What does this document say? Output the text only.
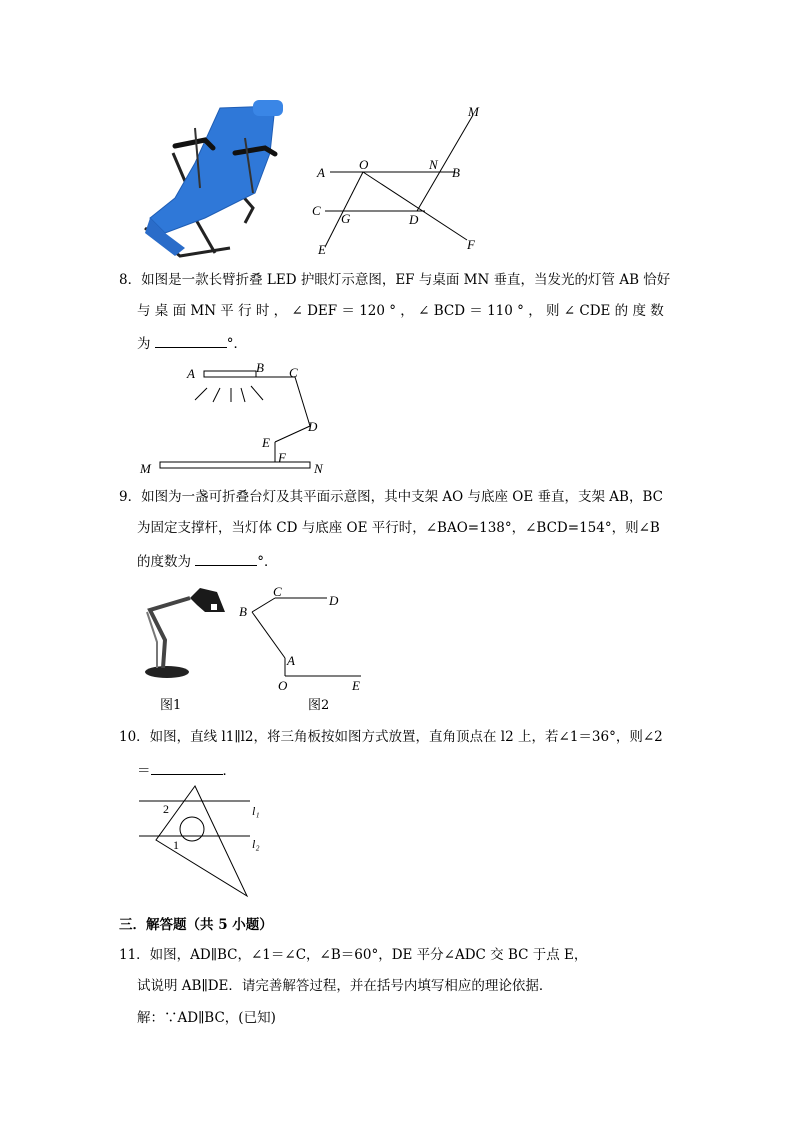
A
O	N
B
M
C
G	D
E	F
8．如图是一款长臂折叠 LED 护眼灯示意图，EF 与桌面 MN 垂直，当发光的灯管 AB 恰好
与 桌 面 MN 平 行 时 ， ∠ DEF ＝ 120 ° ， ∠ BCD ＝ 110 ° ， 则 ∠ CDE 的 度 数
为	°．
A	B C
D
E
F
M	N
9．如图为一盏可折叠台灯及其平面示意图，其中支架 AO 与底座 OE 垂直，支架 AB，BC
为固定支撑杆，当灯体 CD 与底座 OE 平行时，∠BAO=138°，∠BCD=154°，则∠B
的度数为	°．
B
C
D
A
O	E
图1	图2
10．如图，直线 l1∥l2，将三角板按如图方式放置，直角顶点在 l2 上，若∠1＝36°，则∠2
＝	．
2
1
l₁
l₂
三．解答题（共 5 小题）
11．如图，AD∥BC，∠1＝∠C，∠B＝60°，DE 平分∠ADC 交 BC 于点 E，
试说明 AB∥DE．请完善解答过程，并在括号内填写相应的理论依据．
解：∵AD∥BC，(已知)
